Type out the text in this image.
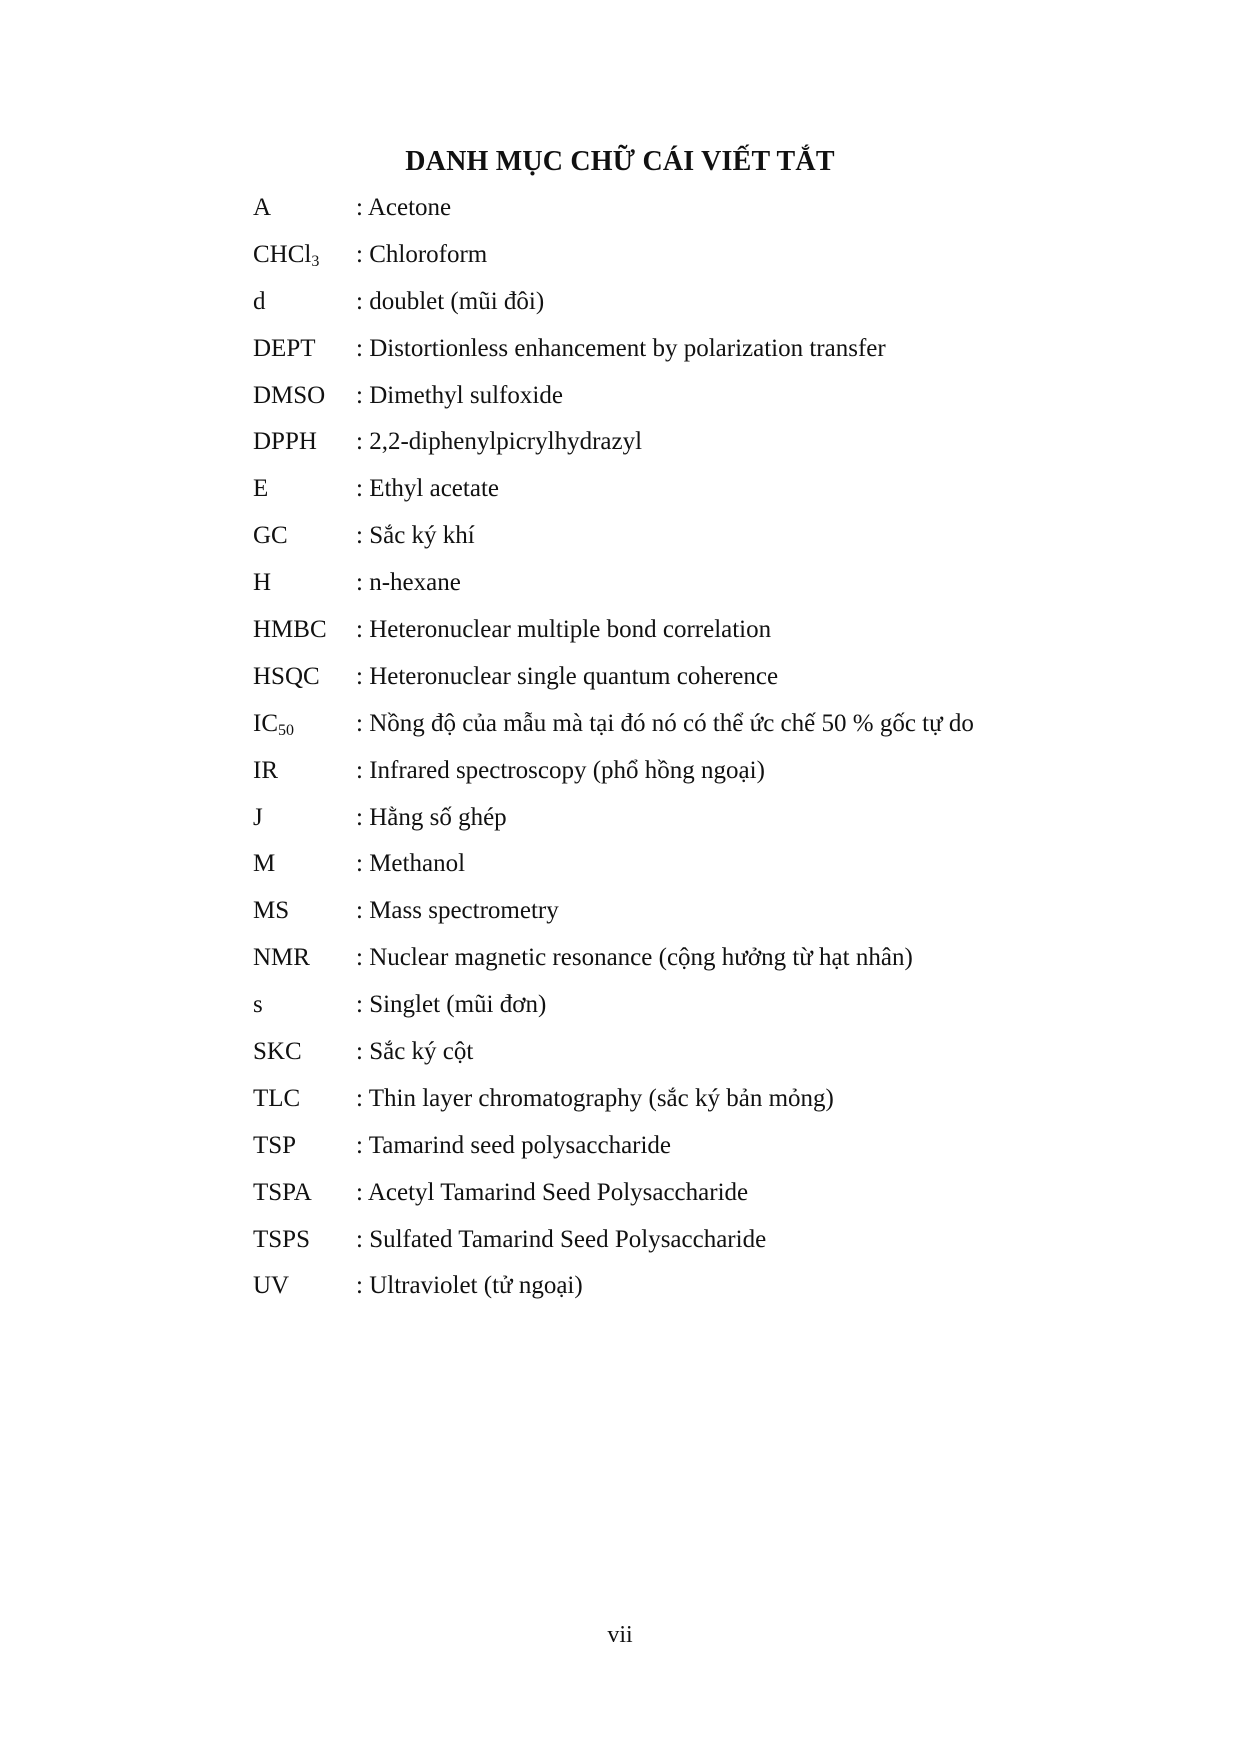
DANH MỤC CHỮ CÁI VIẾT TẮT
A	: Acetone
CHCl$_3$	: Chloroform
d	: doublet (mũi đôi)
DEPT	: Distortionless enhancement by polarization transfer
DMSO	: Dimethyl sulfoxide
DPPH	: 2,2-diphenylpicrylhydrazyl
E	: Ethyl acetate
GC	: Sắc ký khí
H	: n-hexane
HMBC	: Heteronuclear multiple bond correlation
HSQC	: Heteronuclear single quantum coherence
$IC_{50}$	: Nồng độ của mẫu mà tại đó nó có thể ức chế 50 % gốc tự do
IR	: Infrared spectroscopy (phổ hồng ngoại)
J	: Hằng số ghép
M	: Methanol
MS	: Mass spectrometry
NMR	: Nuclear magnetic resonance (cộng hưởng từ hạt nhân)
s	: Singlet (mũi đơn)
SKC	: Sắc ký cột
TLC	: Thin layer chromatography (sắc ký bản mỏng)
TSP	: Tamarind seed polysaccharide
TSPA	: Acetyl Tamarind Seed Polysaccharide
TSPS	: Sulfated Tamarind Seed Polysaccharide
UV	: Ultraviolet (tử ngoại)
vii
